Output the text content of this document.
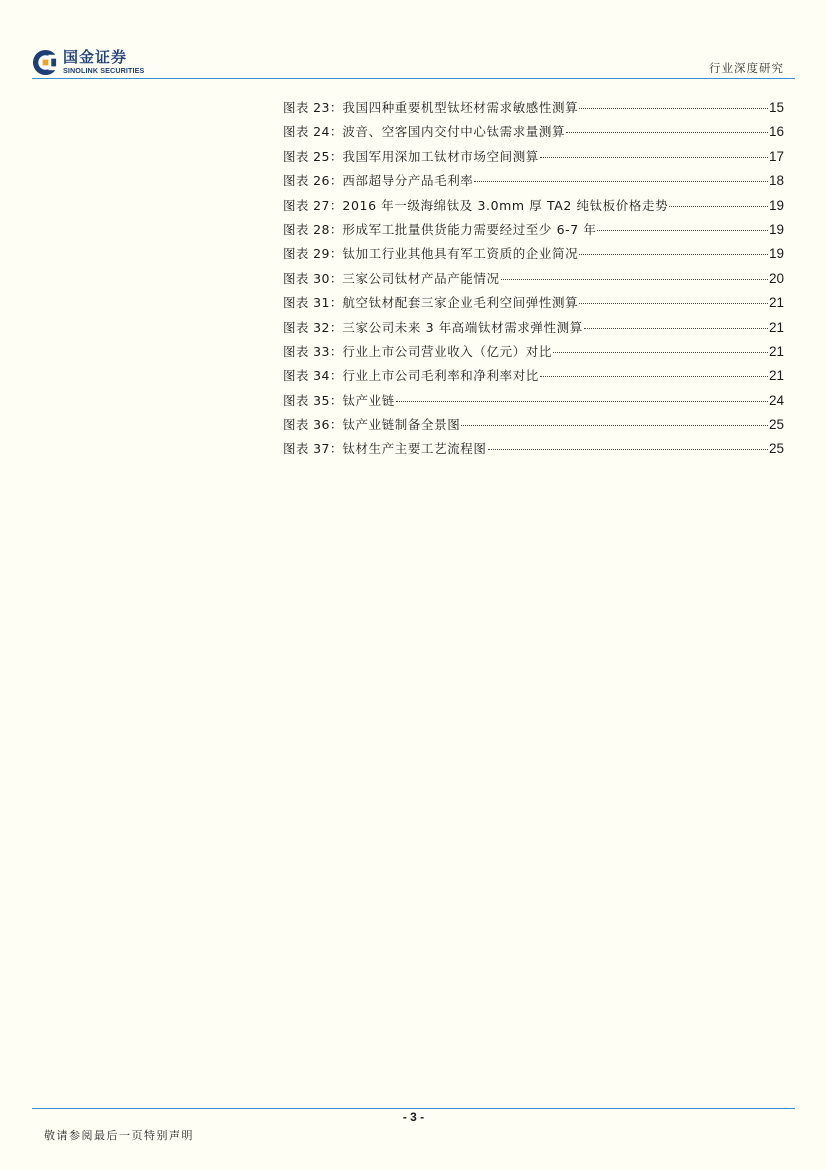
国金证券
SINOLINK SECURITIES	行业深度研究
图表 23 ： 我国四种重要机型钛坯材需求敏感性测算	15
图表 24 ： 波音、空客国内交付中心钛需求量测算	16
图表 25 ： 我国军用深加工钛材市场空间测算	17
图表 26 ： 西部超导分产品毛利率	18
图表 27 ： 2016 年一级海绵钛及 3.0mm 厚 TA2 纯钛板价格走势	19
图表 28 ： 形成军工批量供货能力需要经过至少 6-7 年	19
图表 29 ： 钛加工行业其他具有军工资质的企业简况	19
图表 30 ： 三家公司钛材产品产能情况	20
图表 31 ： 航空钛材配套三家企业毛利空间弹性测算	21
图表 32 ： 三家公司未来 3 年高端钛材需求弹性测算	21
图表 33 ： 行业上市公司营业收入（亿元）对比	21
图表 34 ： 行业上市公司毛利率和净利率对比	21
图表 35 ： 钛产业链	24
图表 36 ： 钛产业链制备全景图	25
图表 37 ： 钛材生产主要工艺流程图	25
- 3 -
敬请参阅最后一页特别声明
